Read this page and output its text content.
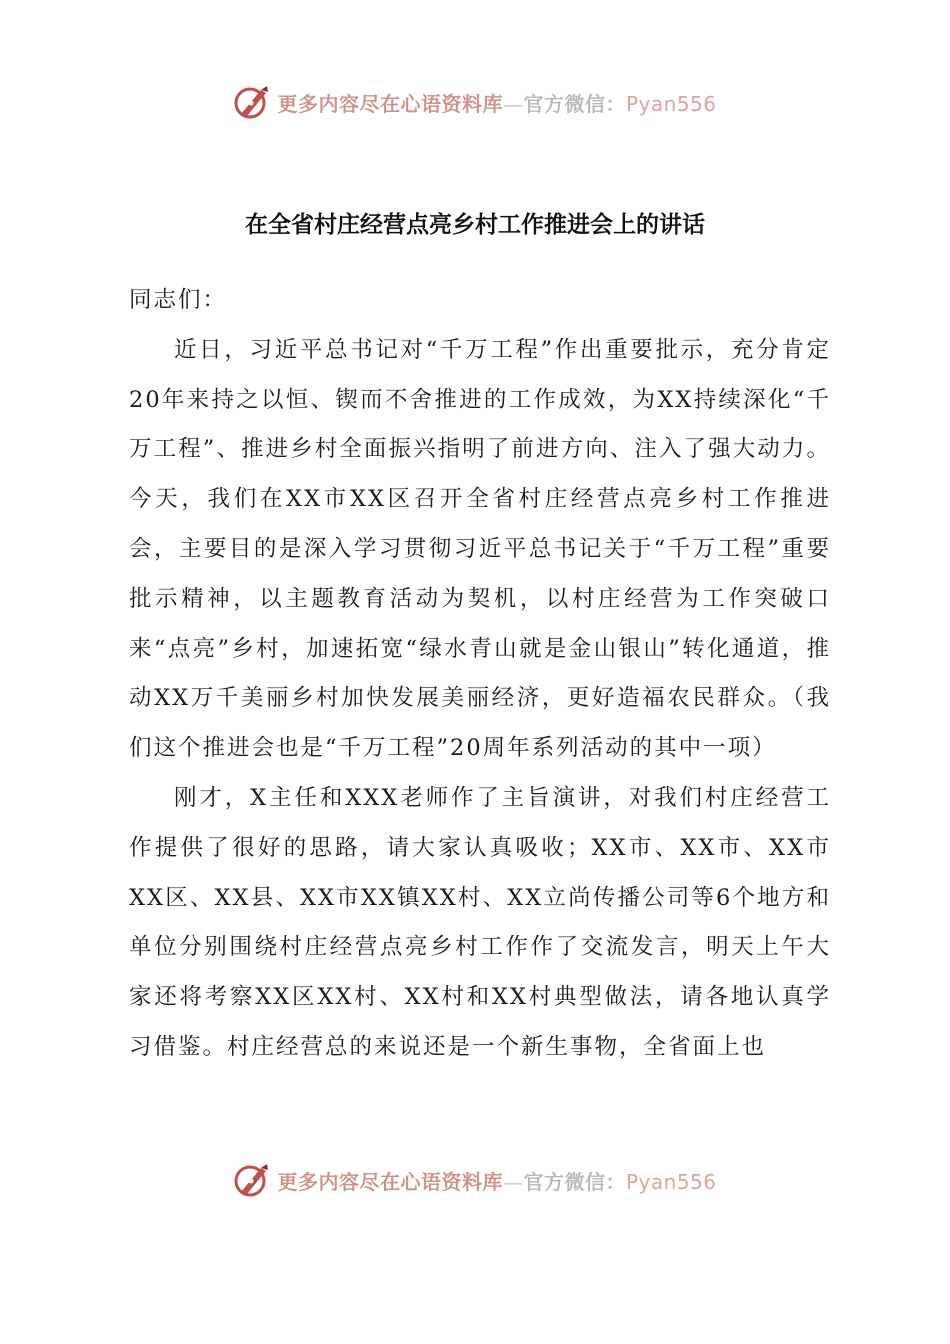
更多内容尽在心语资料库—官方微信：Pyan556
在全省村庄经营点亮乡村工作推进会上的讲话

同志们：

近日，习近平总书记对“千万工程”作出重要批示，充分肯定20年来持之以恒、锲而不舍推进的工作成效，为XX持续深化“千万工程”、推进乡村全面振兴指明了前进方向、注入了强大动力。今天，我们在XX市XX区召开全省村庄经营点亮乡村工作推进会，主要目的是深入学习贯彻习近平总书记关于“千万工程”重要批示精神，以主题教育活动为契机，以村庄经营为工作突破口来“点亮”乡村，加速拓宽“绿水青山就是金山银山”转化通道，推动XX万千美丽乡村加快发展美丽经济，更好造福农民群众。（我们这个推进会也是“千万工程”20周年系列活动的其中一项）

刚才，X主任和XXX老师作了主旨演讲，对我们村庄经营工作提供了很好的思路，请大家认真吸收；XX市、XX市、XX市XX区、XX县、XX市XX镇XX村、XX立尚传播公司等6个地方和单位分别围绕村庄经营点亮乡村工作作了交流发言，明天上午大家还将考察XX区XX村、XX村和XX村典型做法，请各地认真学习借鉴。村庄经营总的来说还是一个新生事物，全省面上也

更多内容尽在心语资料库—官方微信：Pyan556
